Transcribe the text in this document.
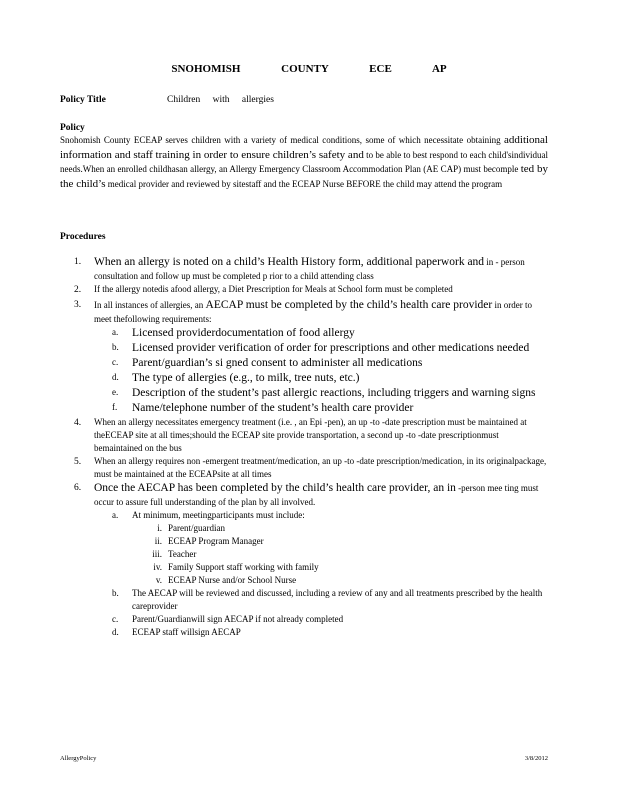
SNOHOMISH COUNTY ECE AP
Policy Title	Children with allergies
Policy
Snohomish County ECEAP serves children with a variety of medical conditions, some of which necessitate obtaining additional information and staff training in order to ensure children’s safety and to be able to best respond to each child'sindividual needs.When an enrolled childhasan allergy, an Allergy Emergency Classroom Accommodation Plan (AE CAP) must becomple ted by the child’s medical provider and reviewed by sitestaff and the ECEAP Nurse BEFORE the child may attend the program
Procedures
1. When an allergy is noted on a child’s Health History form, additional paperwork and in - person consultation and follow up must be completed p rior to a child attending class
2. If the allergy notedis afood allergy, a Diet Prescription for Meals at School form must be completed
3. In all instances of allergies, an AECAP must be completed by the child’s health care provider in order to meet thefollowing requirements:
a. Licensed providerdocumentation of food allergy
b. Licensed provider verification of order for prescriptions and other medications needed
c. Parent/guardian’s si gned consent to administer all medications
d. The type of allergies (e.g., to milk, tree nuts, etc.)
e. Description of the student’s past allergic reactions, including triggers and warning signs
f. Name/telephone number of the student’s health care provider
4. When an allergy necessitates emergency treatment (i.e. , an Epi -pen), an up -to -date prescription must be maintained at theECEAP site at all times;should the ECEAP site provide transportation, a second up -to -date prescriptionmust bemaintained on the bus
5. When an allergy requires non -emergent treatment/medication, an up -to -date prescription/medication, in its originalpackage, must be maintained at the ECEAPsite at all times
6. Once the AECAP has been completed by the child’s health care provider, an in -person mee ting must occur to assure full understanding of the plan by all involved.
a. At minimum, meetingparticipants must include:
i. Parent/guardian
ii. ECEAP Program Manager
iii. Teacher
iv. Family Support staff working with family
v. ECEAP Nurse and/or School Nurse
b. The AECAP will be reviewed and discussed, including a review of any and all treatments prescribed by the health careprovider
c. Parent/Guardianwill sign AECAP if not already completed
d. ECEAP staff willsign AECAP
AllergyPolicy	3/8/2012
